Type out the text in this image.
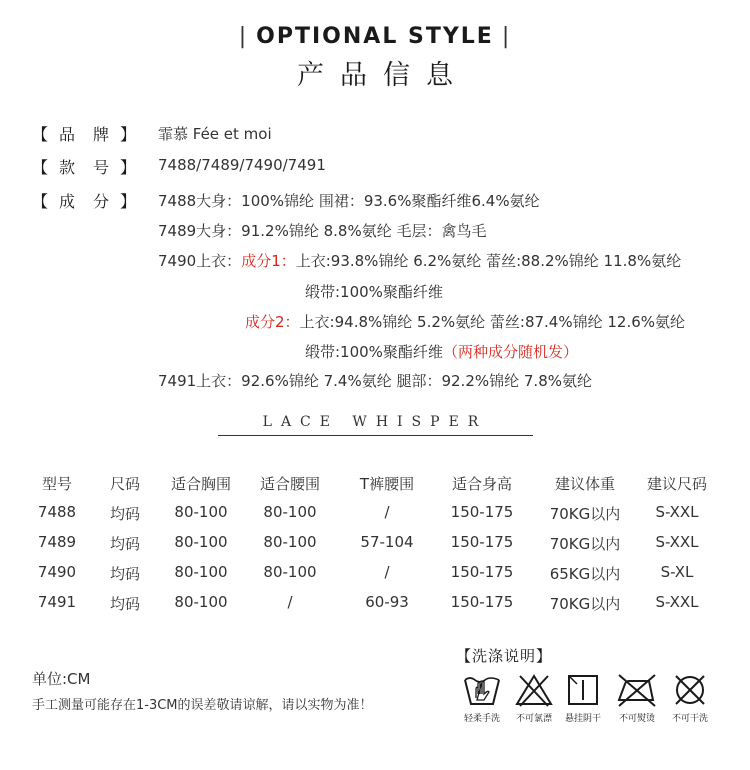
| OPTIONAL STYLE |
产品信息
【 品 牌 】 霏慕 Fée et moi
【 款 号 】 7488/7489/7490/7491
【 成 分 】 7488大身：100%锦纶 围裙：93.6%聚酯纤维6.4%氨纶
7489大身：91.2%锦纶 8.8%氨纶 毛层：禽鸟毛
7490上衣：成分1：上衣:93.8%锦纶 6.2%氨纶 蕾丝:88.2%锦纶 11.8%氨纶
缎带:100%聚酯纤维
成分2：上衣:94.8%锦纶 5.2%氨纶 蕾丝:87.4%锦纶 12.6%氨纶
缎带:100%聚酯纤维（两种成分随机发）
7491上衣：92.6%锦纶 7.4%氨纶 腿部：92.2%锦纶 7.8%氨纶
LACE WHISPER
型号	尺码 适合胸围 适合腰围	T裤腰围	适合身高	建议体重 建议尺码
7488 均码 80-100 80-100	/	150-175 70KG以内 S-XXL
7489 均码 80-100 80-100	57-104 150-175 70KG以内 S-XXL
7490 均码 80-100 80-100	/	150-175 65KG以内	S-XL
7491 均码 80-100	/	60-93	150-175 70KG以内 S-XXL
单位:CM
手工测量可能存在1-3CM的误差敬请谅解，请以实物为准！
【洗涤说明】
轻柔手洗	不可氯漂	悬挂阴干	不可熨烫	不可干洗
